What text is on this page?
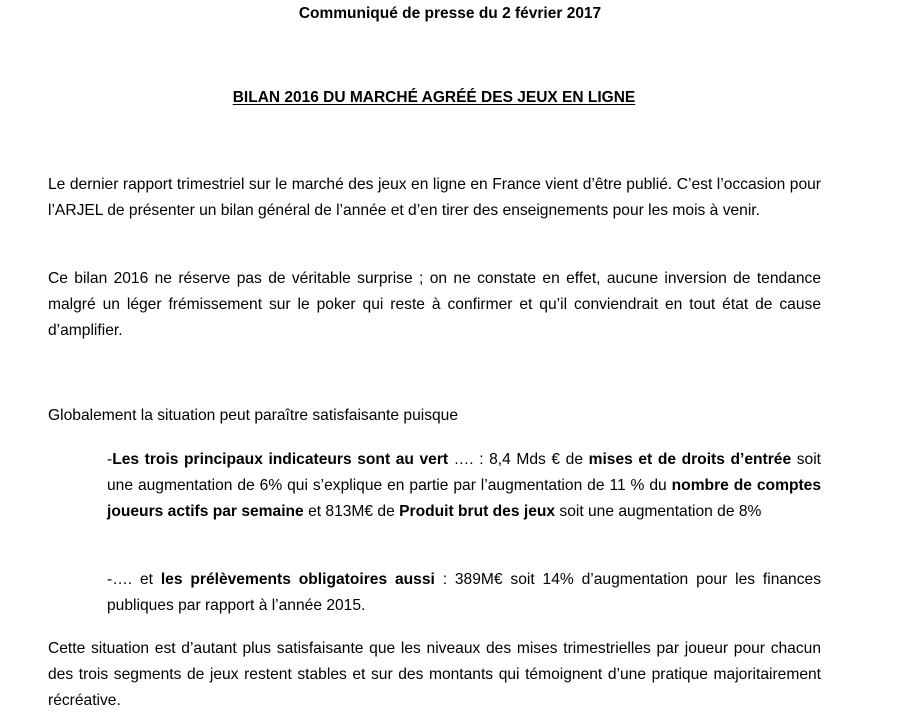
Communiqué de presse du 2 février 2017
BILAN 2016 DU MARCHÉ AGRÉÉ DES JEUX EN LIGNE

Le dernier rapport trimestriel sur le marché des jeux en ligne en France vient d’être publié. C’est l’occasion pour l’ARJEL de présenter un bilan général de l’année et d’en tirer des enseignements pour les mois à venir.

Ce bilan 2016 ne réserve pas de véritable surprise ; on ne constate en effet, aucune inversion de tendance malgré un léger frémissement sur le poker qui reste à confirmer et qu’il conviendrait en tout état de cause d’amplifier.

Globalement la situation peut paraître satisfaisante puisque

-Les trois principaux indicateurs sont au vert …. : 8,4 Mds € de mises et de droits d’entrée soit une augmentation de 6% qui s’explique en partie par l’augmentation de 11 % du nombre de comptes joueurs actifs par semaine et 813M€ de Produit brut des jeux soit une augmentation de 8%

-…. et les prélèvements obligatoires aussi : 389M€ soit 14% d’augmentation pour les finances publiques par rapport à l’année 2015.

Cette situation est d’autant plus satisfaisante que les niveaux des mises trimestrielles par joueur pour chacun des trois segments de jeux restent stables et sur des montants qui témoignent d’une pratique majoritairement récréative.
